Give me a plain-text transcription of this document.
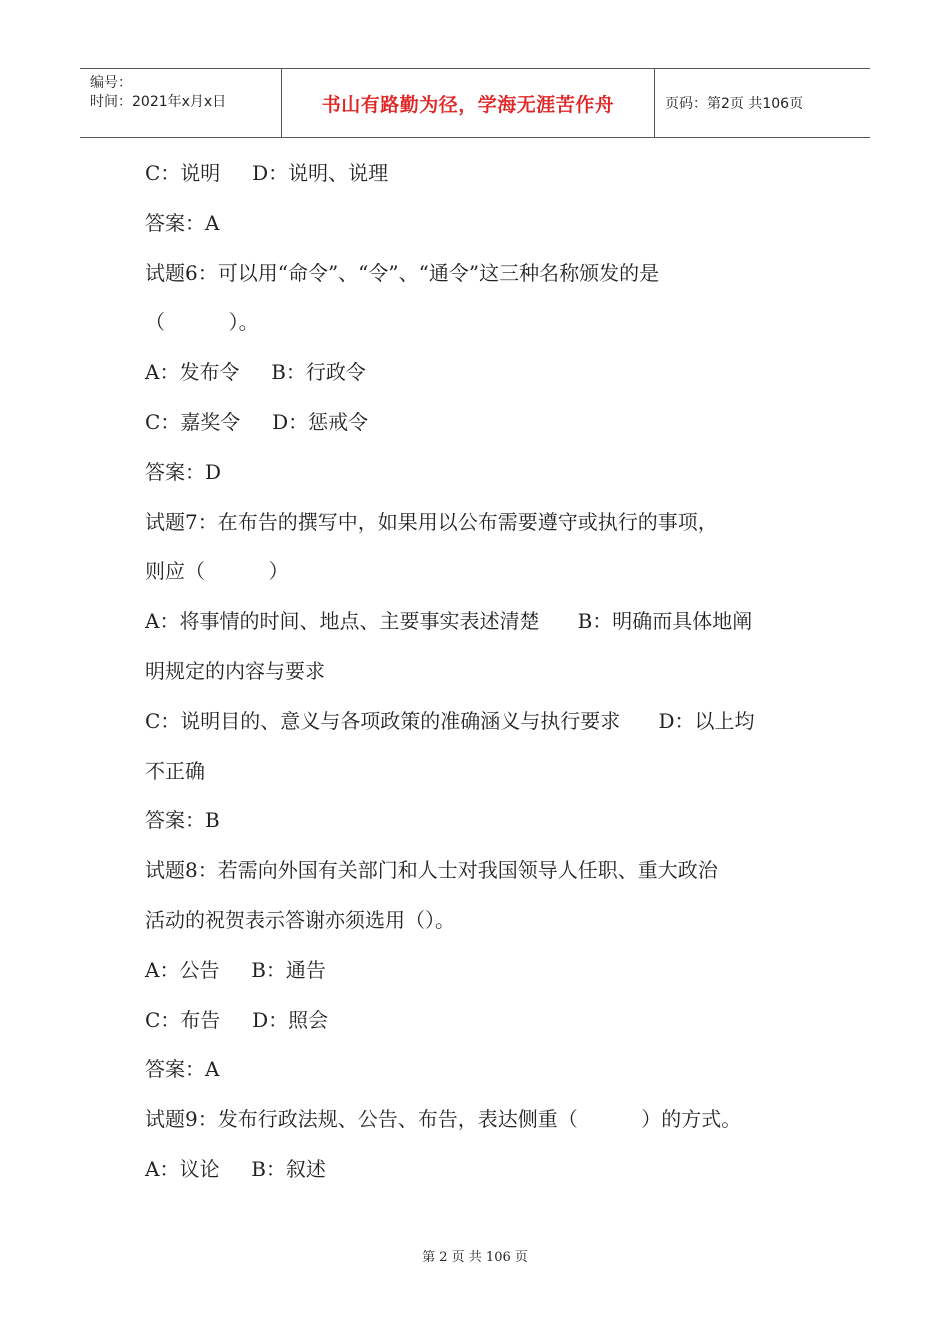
编号：
时间：2021年x月x日	书山有路勤为径，学海无涯苦作舟	页码：第2页 共106页
C：说明     D：说明、说理
答案：A
试题6：可以用“命令”、“令”、“通令”这三种名称颁发的是
（          ）。
A：发布令     B：行政令
C：嘉奖令     D：惩戒令
答案：D
试题7：在布告的撰写中，如果用以公布需要遵守或执行的事项，
则应（          ）
A：将事情的时间、地点、主要事实表述清楚      B：明确而具体地阐
明规定的内容与要求
C：说明目的、意义与各项政策的准确涵义与执行要求      D：以上均
不正确
答案：B
试题8：若需向外国有关部门和人士对我国领导人任职、重大政治
活动的祝贺表示答谢亦须选用（）。
A：公告     B：通告
C：布告     D：照会
答案：A
试题9：发布行政法规、公告、布告，表达侧重（          ）的方式。
A：议论     B：叙述
第 2 页 共 106 页
